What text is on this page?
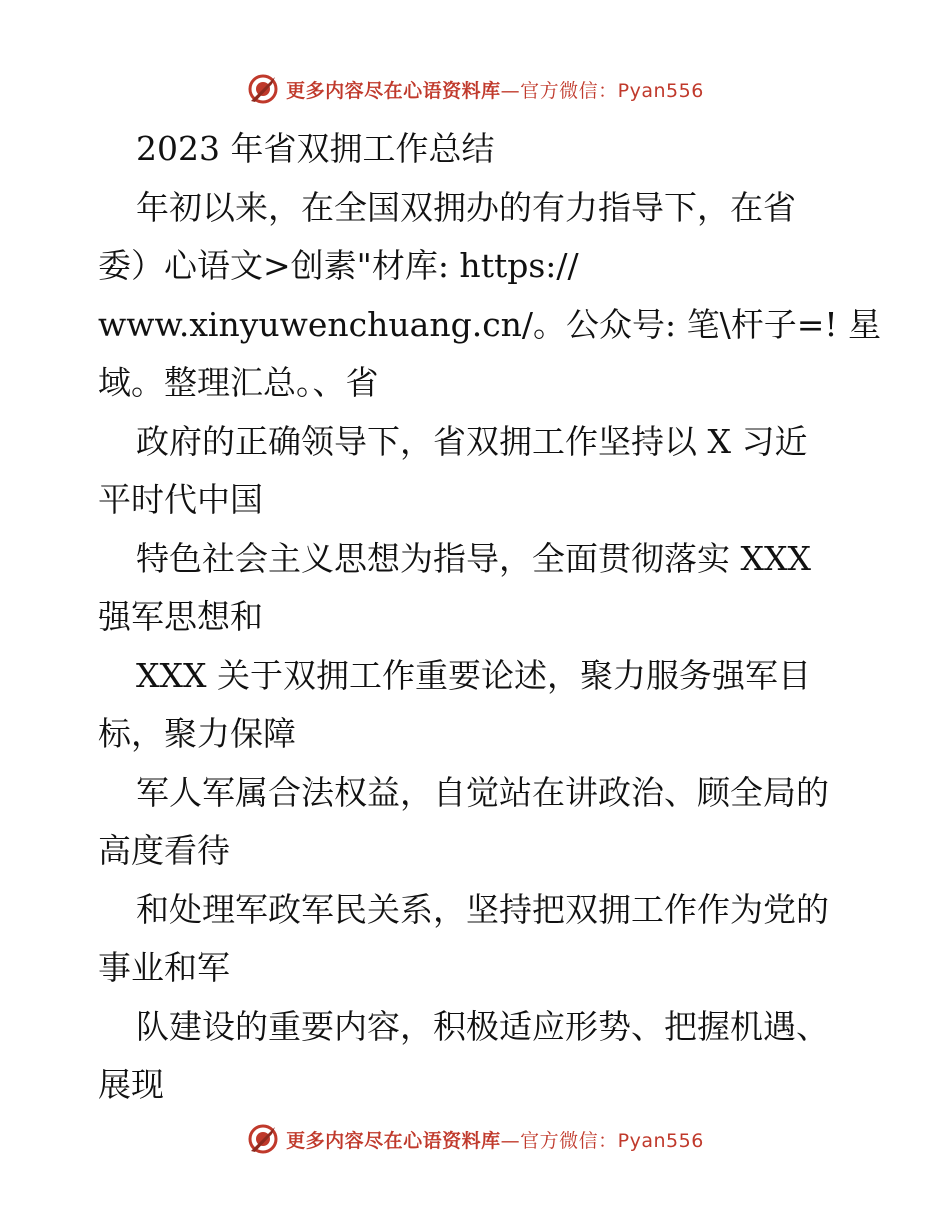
更多内容尽在心语资料库—官方微信：Pyan556
2023 年省双拥工作总结
年初以来，在全国双拥办的有力指导下，在省
委）心语文>创素"材库: https://
www.xinyuwenchuang.cn/。公众号: 笔\杆子=! 星
域。整理汇总。、省
政府的正确领导下，省双拥工作坚持以 X 习近
平时代中国
特色社会主义思想为指导，全面贯彻落实 XXX
强军思想和
XXX 关于双拥工作重要论述，聚力服务强军目
标，聚力保障
军人军属合法权益，自觉站在讲政治、顾全局的
高度看待
和处理军政军民关系，坚持把双拥工作作为党的
事业和军
队建设的重要内容，积极适应形势、把握机遇、
展现
更多内容尽在心语资料库—官方微信：Pyan556
